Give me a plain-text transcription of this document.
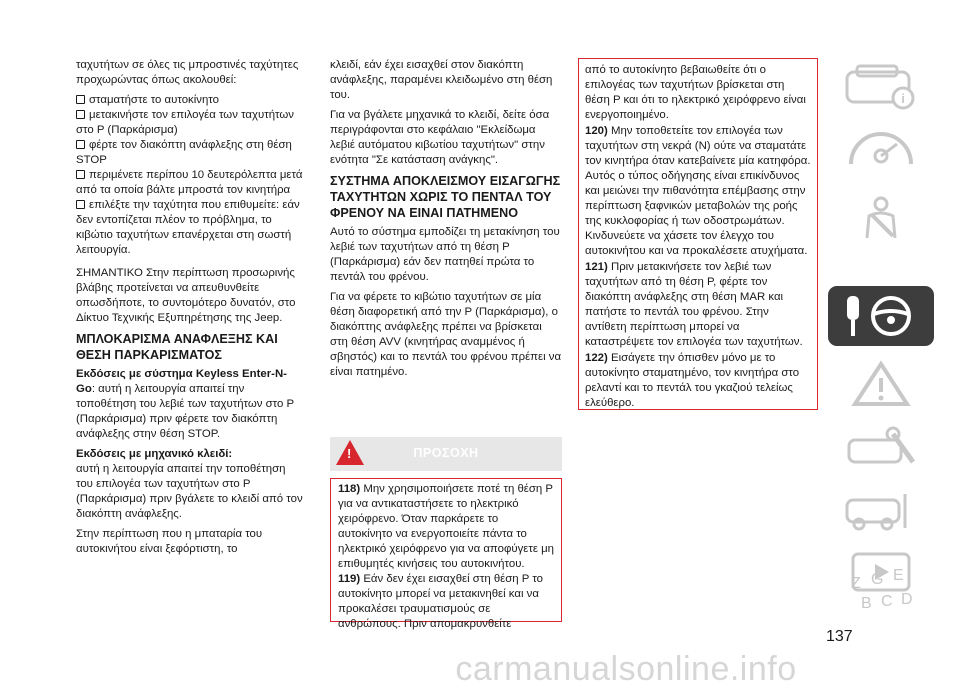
ταχυτήτων σε όλες τις μπροστινές ταχύτητες προχωρώντας όπως ακολουθεί:

σταματήστε το αυτοκίνητο
μετακινήστε τον επιλογέα των ταχυτήτων στο P (Παρκάρισμα)
φέρτε τον διακόπτη ανάφλεξης στη θέση STOP
περιμένετε περίπου 10 δευτερόλεπτα μετά από τα οποία βάλτε μπροστά τον κινητήρα
επιλέξτε την ταχύτητα που επιθυμείτε: εάν δεν εντοπίζεται πλέον το πρόβλημα, το κιβώτιο ταχυτήτων επανέρχεται στη σωστή λειτουργία.

ΣΗΜΑΝΤΙΚΟ Στην περίπτωση προσωρινής βλάβης προτείνεται να απευθυνθείτε οπωσδήποτε, το συντομότερο δυνατόν, στο Δίκτυο Τεχνικής Εξυπηρέτησης της Jeep.

ΜΠΛΟΚΑΡΙΣΜΑ ΑΝΑΦΛΕΞΗΣ ΚΑΙ ΘΕΣΗ ΠΑΡΚΑΡΙΣΜΑΤΟΣ

Εκδόσεις με σύστημα Keyless Enter-N-Go: αυτή η λειτουργία απαιτεί την τοποθέτηση του λεβιέ των ταχυτήτων στο P (Παρκάρισμα) πριν φέρετε τον διακόπτη ανάφλεξης στην θέση STOP.

Εκδόσεις με μηχανικό κλειδί:

αυτή η λειτουργία απαιτεί την τοποθέτηση του επιλογέα των ταχυτήτων στο P (Παρκάρισμα) πριν βγάλετε το κλειδί από τον διακόπτη ανάφλεξης.

Στην περίπτωση που η μπαταρία του αυτοκινήτου είναι ξεφόρτιστη, το

κλειδί, εάν έχει εισαχθεί στον διακόπτη ανάφλεξης, παραμένει κλειδωμένο στη θέση του.

Για να βγάλετε μηχανικά το κλειδί, δείτε όσα περιγράφονται στο κεφάλαιο "Εκλείδωμα λεβιέ αυτόματου κιβωτίου ταχυτήτων" στην ενότητα "Σε κατάσταση ανάγκης".

ΣΥΣΤΗΜΑ ΑΠΟΚΛΕΙΣΜΟΥ ΕΙΣΑΓΩΓΗΣ ΤΑΧΥΤΗΤΩΝ ΧΩΡΙΣ ΤΟ ΠΕΝΤΑΛ ΤΟΥ ΦΡΕΝΟΥ ΝΑ ΕΙΝΑΙ ΠΑΤΗΜΕΝΟ

Αυτό το σύστημα εμποδίζει τη μετακίνηση του λεβιέ των ταχυτήτων από τη θέση P (Παρκάρισμα) εάν δεν πατηθεί πρώτα το πεντάλ του φρένου.

Για να φέρετε το κιβώτιο ταχυτήτων σε μία θέση διαφορετική από την P (Παρκάρισμα), ο διακόπτης ανάφλεξης πρέπει να βρίσκεται στη θέση AVV (κινητήρας αναμμένος ή σβηστός) και το πεντάλ του φρένου πρέπει να είναι πατημένο.

!	ΠΡΟΣΟΧΗ

118) Μην χρησιμοποιήσετε ποτέ τη θέση P για να αντικαταστήσετε το ηλεκτρικό χειρόφρενο. Όταν παρκάρετε το αυτοκίνητο να ενεργοποιείτε πάντα το ηλεκτρικό χειρόφρενο για να αποφύγετε μη επιθυμητές κινήσεις του αυτοκινήτου.

119) Εάν δεν έχει εισαχθεί στη θέση P το αυτοκίνητο μπορεί να μετακινηθεί και να προκαλέσει τραυματισμούς σε ανθρώπους. Πριν απομακρυνθείτε

από το αυτοκίνητο βεβαιωθείτε ότι ο επιλογέας των ταχυτήτων βρίσκεται στη θέση P και ότι το ηλεκτρικό χειρόφρενο είναι ενεργοποιημένο.

120) Μην τοποθετείτε τον επιλογέα των ταχυτήτων στη νεκρά (N) ούτε να σταματάτε τον κινητήρα όταν κατεβαίνετε μία κατηφόρα. Αυτός ο τύπος οδήγησης είναι επικίνδυνος και μειώνει την πιθανότητα επέμβασης στην περίπτωση ξαφνικών μεταβολών της ροής της κυκλοφορίας ή των οδοστρωμάτων. Κινδυνεύετε να χάσετε τον έλεγχο του αυτοκινήτου και να προκαλέσετε ατυχήματα.

121) Πριν μετακινήσετε τον λεβιέ των ταχυτήτων από τη θέση P, φέρτε τον διακόπτη ανάφλεξης στη θέση MAR και πατήστε το πεντάλ του φρένου. Στην αντίθετη περίπτωση μπορεί να καταστρέψετε τον επιλογέα των ταχυτήτων.

122) Εισάγετε την όπισθεν μόνο με το αυτοκίνητο σταματημένο, τον κινητήρα στο ρελαντί και το πεντάλ του γκαζιού τελείως ελεύθερο.

i
Z G E
B C D
137
carmanualsonline.info
